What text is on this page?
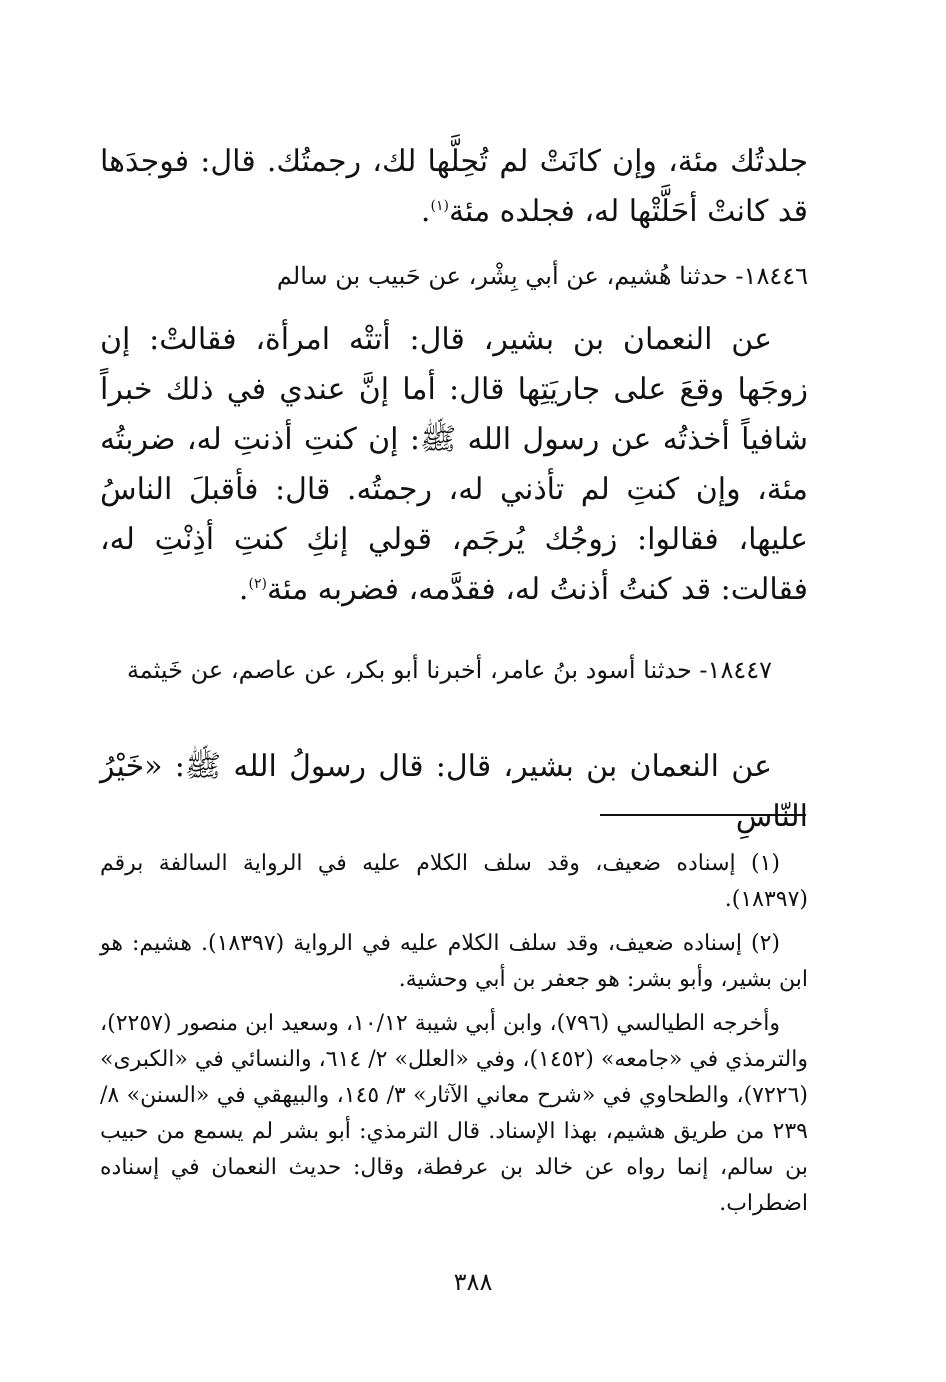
جلدتُك مئة، وإن كانَتْ لم تُحِلَّها لك، رجمتُك. قال: فوجدَها قد كانتْ أحَلَّتْها له، فجلده مئة$^{(١)}$.
١٨٤٤٦- حدثنا هُشيم، عن أبي بِشْر، عن حَبيب بن سالم
عن النعمان بن بشير، قال: أتتْه امرأة، فقالتْ: إن زوجَها وقعَ على جاريَتِها قال: أما إنَّ عندي في ذلك خبراً شافياً أخذتُه عن رسول الله ﷺ: إن كنتِ أذنتِ له، ضربتُه مئة، وإن كنتِ لم تأذني له، رجمتُه. قال: فأقبلَ الناسُ عليها، فقالوا: زوجُك يُرجَم، قولي إنكِ كنتِ أذِنْتِ له، فقالت: قد كنتُ أذنتُ له، فقدَّمه، فضربه مئة$^{(٢)}$.
١٨٤٤٧- حدثنا أسود بنُ عامر، أخبرنا أبو بكر، عن عاصم، عن خَيثمة
عن النعمان بن بشير، قال: قال رسولُ الله ﷺ: «خَيْرُ النّاسِ
(١) إسناده ضعيف، وقد سلف الكلام عليه في الرواية السالفة برقم (١٨٣٩٧).
(٢) إسناده ضعيف، وقد سلف الكلام عليه في الرواية (١٨٣٩٧). هشيم: هو ابن بشير، وأبو بشر: هو جعفر بن أبي وحشية.
وأخرجه الطيالسي (٧٩٦)، وابن أبي شيبة ١٠/١٢، وسعيد ابن منصور (٢٢٥٧)، والترمذي في «جامعه» (١٤٥٢)، وفي «العلل» ٢/ ٦١٤، والنسائي في «الكبرى» (٧٢٢٦)، والطحاوي في «شرح معاني الآثار» ٣/ ١٤٥، والبيهقي في «السنن» ٨/ ٢٣٩ من طريق هشيم، بهذا الإسناد. قال الترمذي: أبو بشر لم يسمع من حبيب بن سالم، إنما رواه عن خالد بن عرفطة، وقال: حديث النعمان في إسناده اضطراب.
٣٨٨
